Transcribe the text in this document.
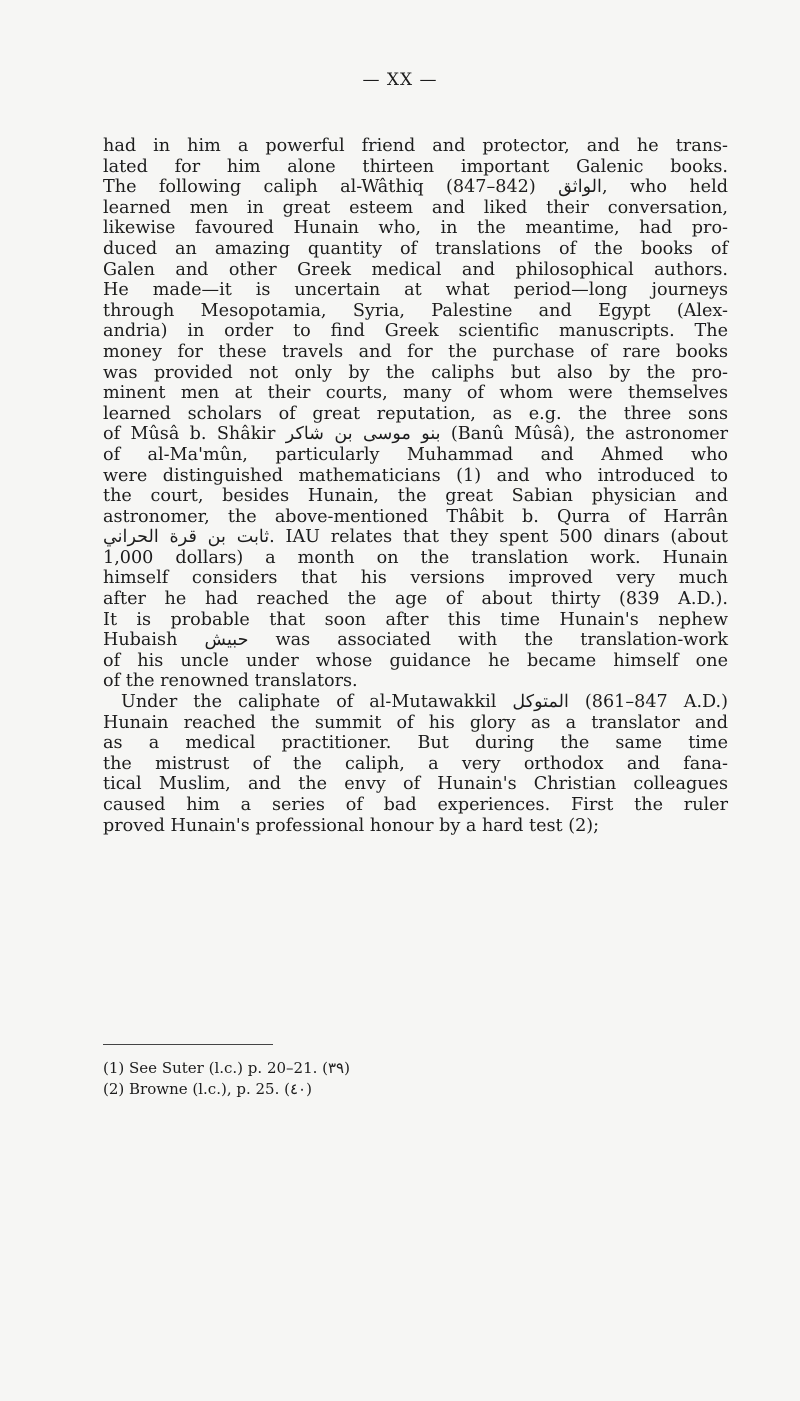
— XX —
had in him a powerful friend and protector, and he trans-
lated for him alone thirteen important Galenic books.
The following caliph al-Wâthiq الواثق (842–847), who held
learned men in great esteem and liked their conversation,
likewise favoured Hunain who, in the meantime, had pro-
duced an amazing quantity of translations of the books of
Galen and other Greek medical and philosophical authors.
He made—it is uncertain at what period—long journeys
through Mesopotamia, Syria, Palestine and Egypt (Alex-
andria) in order to find Greek scientific manuscripts. The
money for these travels and for the purchase of rare books
was provided not only by the caliphs but also by the pro-
minent men at their courts, many of whom were themselves
learned scholars of great reputation, as e.g. the three sons
of Mûsâ b. Shâkir بنو موسى بن شاكر (Banû Mûsâ), the astronomer
of al-Ma'mûn, particularly Muhammad and Ahmed who
were distinguished mathematicians (1) and who introduced to
the court, besides Hunain, the great Sabian physician and
astronomer, the above-mentioned Thâbit b. Qurra of Harrân
ثابت بن قرة الحراني. IAU relates that they spent 500 dinars (about
1,000 dollars) a month on the translation work. Hunain
himself considers that his versions improved very much
after he had reached the age of about thirty (839 A.D.).
It is probable that soon after this time Hunain's nephew
Hubaish حبيش was associated with the translation-work
of his uncle under whose guidance he became himself one
of the renowned translators.
Under the caliphate of al-Mutawakkil المتوكل (847–861 A.D.)
Hunain reached the summit of his glory as a translator and
as a medical practitioner. But during the same time
the mistrust of the caliph, a very orthodox and fana-
tical Muslim, and the envy of Hunain's Christian colleagues
caused him a series of bad experiences. First the ruler
proved Hunain's professional honour by a hard test (2);
(1) See Suter (l.c.) p. 20–21. (٣٩)
(2) Browne (l.c.), p. 25. (٤٠)
